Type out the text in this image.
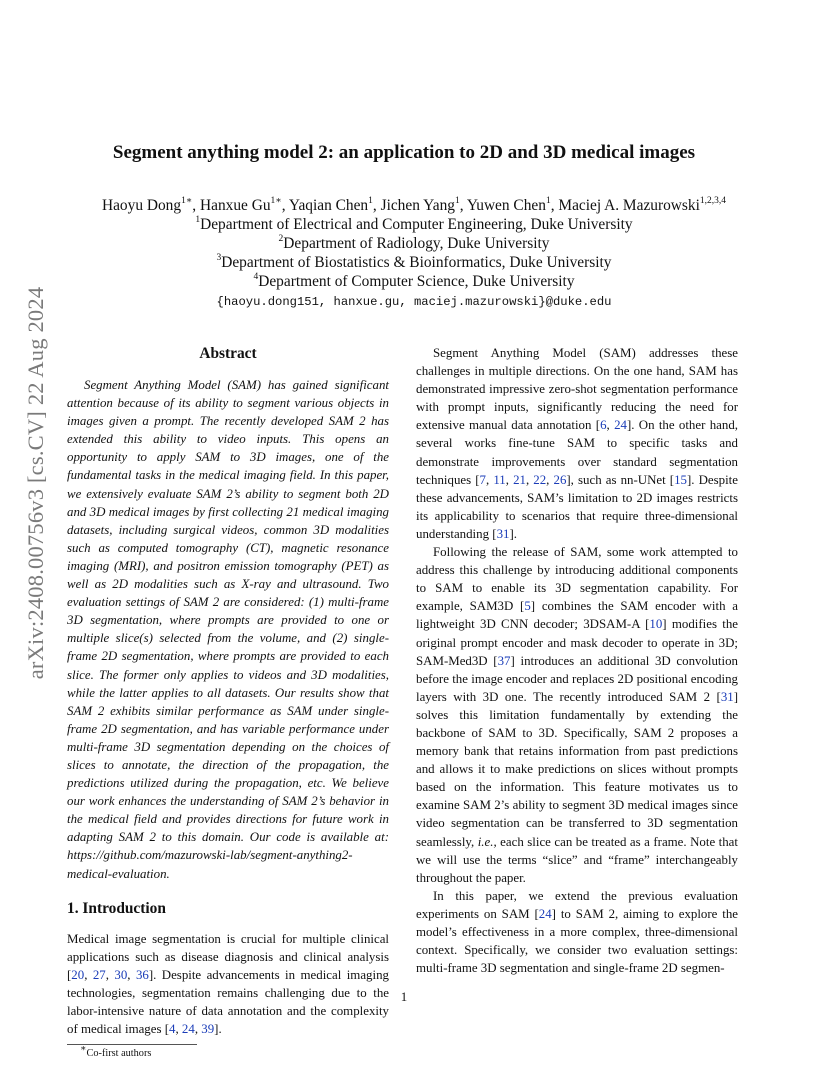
arXiv:2408.00756v3 [cs.CV] 22 Aug 2024
Segment anything model 2: an application to 2D and 3D medical images
Haoyu Dong$^{1∗}$, Hanxue $Gu^{1∗}$, Yaqian Chen$^1$, Jichen Yang$^1$, Yuwen Chen$^1$, Maciej A. Mazurowski$^{1,2,3,4}$
$^1$Department of Electrical and Computer Engineering, Duke University
$^2$Department of Radiology, Duke University
$^3$Department of Biostatistics & Bioinformatics, Duke University
$^4$Department of Computer Science, Duke University
{haoyu.dong151, hanxue.gu, maciej.mazurowski}@duke.edu
Abstract

Segment Anything Model (SAM) has gained significant attention because of its ability to segment various objects in images given a prompt. The recently developed SAM 2 has extended this ability to video inputs. This opens an opportunity to apply SAM to 3D images, one of the fundamental tasks in the medical imaging field. In this paper, we extensively evaluate SAM 2’s ability to segment both 2D and 3D medical images by first collecting 21 medical imaging datasets, including surgical videos, common 3D modalities such as computed tomography (CT), magnetic resonance imaging (MRI), and positron emission tomography (PET) as well as 2D modalities such as X-ray and ultrasound. Two evaluation settings of SAM 2 are considered: (1) multi-frame 3D segmentation, where prompts are provided to one or multiple slice(s) selected from the volume, and (2) single-frame 2D segmentation, where prompts are provided to each slice. The former only applies to videos and 3D modalities, while the latter applies to all datasets. Our results show that SAM 2 exhibits similar performance as SAM under single-frame 2D segmentation, and has variable performance under multi-frame 3D segmentation depending on the choices of slices to annotate, the direction of the propagation, the predictions utilized during the propagation, etc. We believe our work enhances the understanding of SAM 2’s behavior in the medical field and provides directions for future work in adapting SAM 2 to this domain. Our code is available at: https://github.com/mazurowski-lab/segment-anything2-medical-evaluation.

1. Introduction

Medical image segmentation is crucial for multiple clinical applications such as disease diagnosis and clinical analysis [20, 27, 30, 36]. Despite advancements in medical imaging technologies, segmentation remains challenging due to the labor-intensive nature of data annotation and the complexity of medical images [4, 24, 39].

∗Co-first authors

Segment Anything Model (SAM) addresses these challenges in multiple directions. On the one hand, SAM has demonstrated impressive zero-shot segmentation performance with prompt inputs, significantly reducing the need for extensive manual data annotation [6, 24]. On the other hand, several works fine-tune SAM to specific tasks and demonstrate improvements over standard segmentation techniques [7, 11, 21, 22, 26], such as nn-UNet [15]. Despite these advancements, SAM’s limitation to 2D images restricts its applicability to scenarios that require three-dimensional understanding [31].

Following the release of SAM, some work attempted to address this challenge by introducing additional components to SAM to enable its 3D segmentation capability. For example, SAM3D [5] combines the SAM encoder with a lightweight 3D CNN decoder; 3DSAM-A [10] modifies the original prompt encoder and mask decoder to operate in 3D; SAM-Med3D [37] introduces an additional 3D convolution before the image encoder and replaces 2D positional encoding layers with 3D one. The recently introduced SAM 2 [31] solves this limitation fundamentally by extending the backbone of SAM to 3D. Specifically, SAM 2 proposes a memory bank that retains information from past predictions and allows it to make predictions on slices without prompts based on the information. This feature motivates us to examine SAM 2’s ability to segment 3D medical images since video segmentation can be transferred to 3D segmentation seamlessly, i.e., each slice can be treated as a frame. Note that we will use the terms “slice” and “frame” interchangeably throughout the paper.

In this paper, we extend the previous evaluation experiments on SAM [24] to SAM 2, aiming to explore the model’s effectiveness in a more complex, three-dimensional context. Specifically, we consider two evaluation settings: multi-frame 3D segmentation and single-frame 2D segmen-

1
